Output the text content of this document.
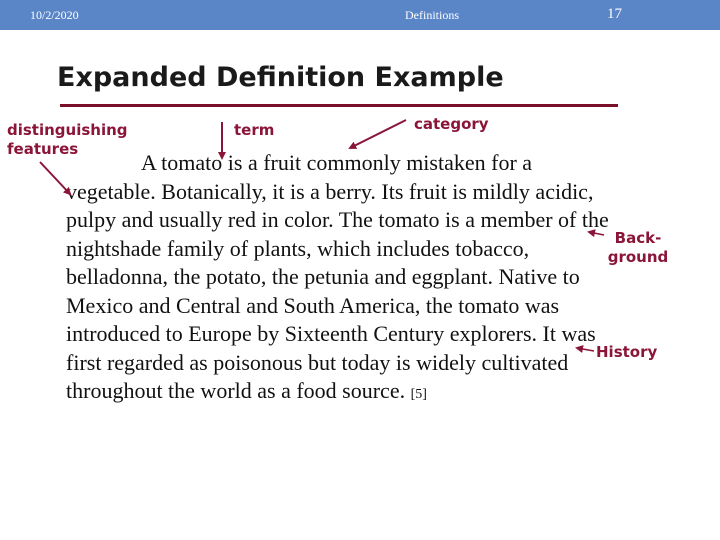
10/2/2020	Definitions	17
Expanded Definition Example
distinguishing features
term	category
Back-
ground
History

A tomato is a fruit commonly mistaken for a vegetable. Botanically, it is a berry. Its fruit is mildly acidic, pulpy and usually red in color. The tomato is a member of the nightshade family of plants, which includes tobacco, belladonna, the potato, the petunia and eggplant. Native to Mexico and Central and South America, the tomato was introduced to Europe by Sixteenth Century explorers. It was first regarded as poisonous but today is widely cultivated throughout the world as a food source. [5]
